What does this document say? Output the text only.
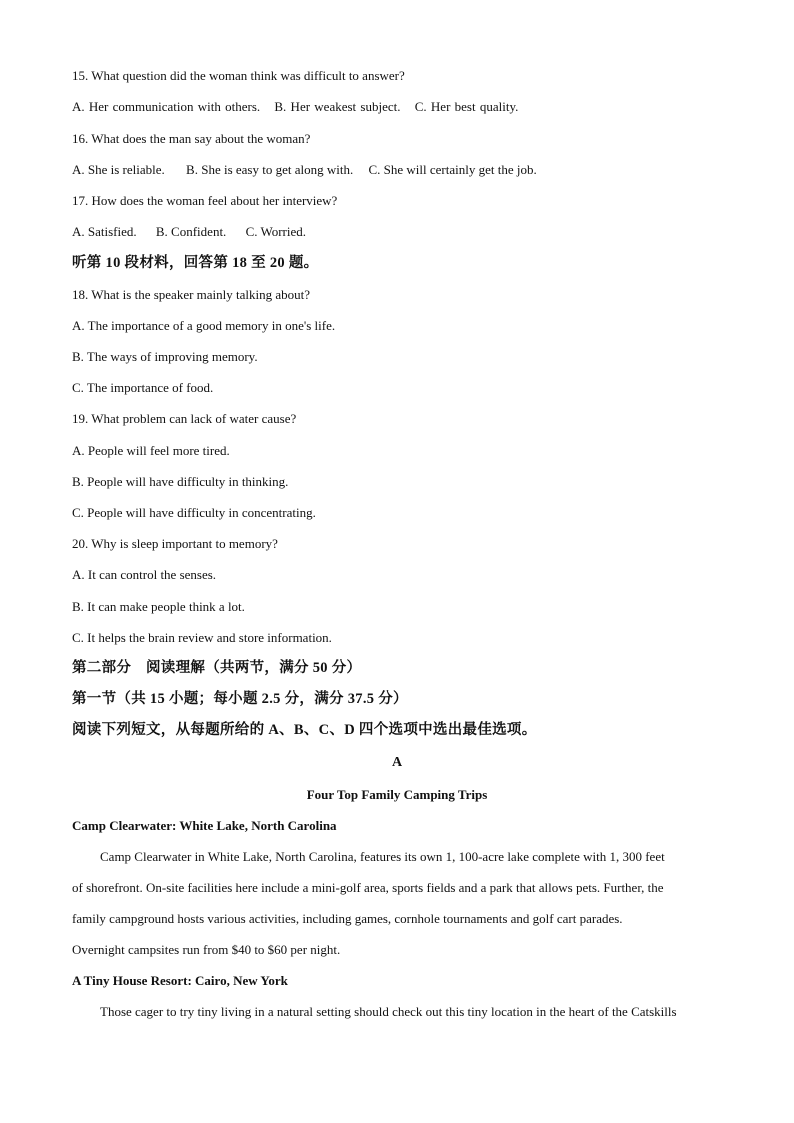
15. What question did the woman think was difficult to answer?
A. Her communication with others. B. Her weakest subject. C. Her best quality.
16. What does the man say about the woman?
A. She is reliable. B. She is easy to get along with. C. She will certainly get the job.
17. How does the woman feel about her interview?
A. Satisfied. B. Confident. C. Worried.
听第 10 段材料，回答第 18 至 20 题。
18. What is the speaker mainly talking about?
A. The importance of a good memory in one's life.
B. The ways of improving memory.
C. The importance of food.
19. What problem can lack of water cause?
A. People will feel more tired.
B. People will have difficulty in thinking.
C. People will have difficulty in concentrating.
20. Why is sleep important to memory?
A. It can control the senses.
B. It can make people think a lot.
C. It helps the brain review and store information.
第二部分　阅读理解（共两节，满分 50 分）
第一节（共 15 小题；每小题 2.5 分，满分 37.5 分）
阅读下列短文，从每题所给的 A、B、C、D 四个选项中选出最佳选项。
A
Four Top Family Camping Trips
Camp Clearwater: White Lake, North Carolina
Camp Clearwater in White Lake, North Carolina, features its own 1, 100-acre lake complete with 1, 300 feet
of shorefront. On-site facilities here include a mini-golf area, sports fields and a park that allows pets. Further, the
family campground hosts various activities, including games, cornhole tournaments and golf cart parades.
Overnight campsites run from $40 to $60 per night.
A Tiny House Resort: Cairo, New York
Those cager to try tiny living in a natural setting should check out this tiny location in the heart of the Catskills
